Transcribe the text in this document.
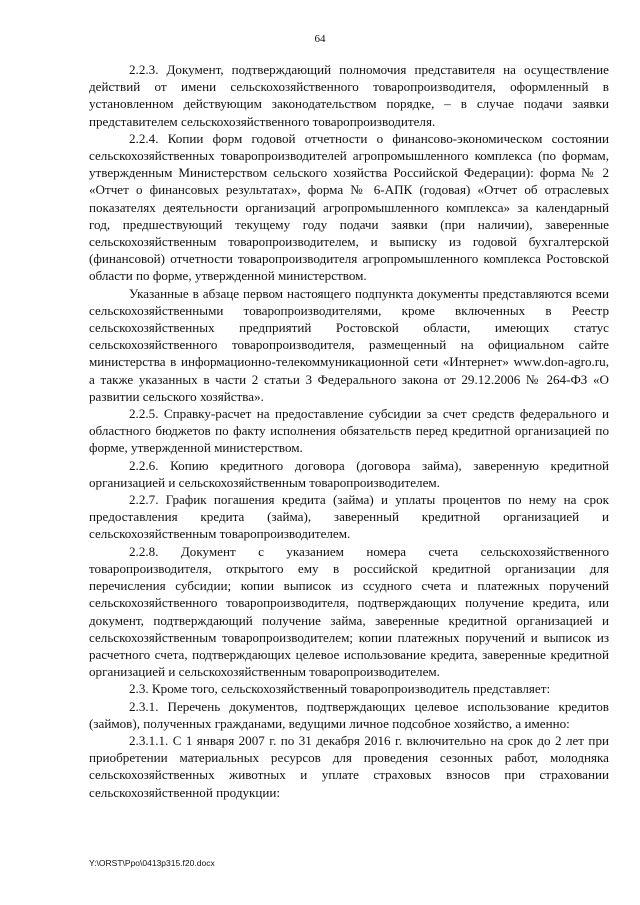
64

2.2.3. Документ, подтверждающий полномочия представителя на осуществление действий от имени сельскохозяйственного товаропроизводителя, оформленный в установленном действующим законодательством порядке, – в случае подачи заявки представителем сельскохозяйственного товаропроизводителя.

2.2.4. Копии форм годовой отчетности о финансово-экономическом состоянии сельскохозяйственных товаропроизводителей агропромышленного комплекса (по формам, утвержденным Министерством сельского хозяйства Российской Федерации): форма № 2 «Отчет о финансовых результатах», форма № 6-АПК (годовая) «Отчет об отраслевых показателях деятельности организаций агропромышленного комплекса» за календарный год, предшествующий текущему году подачи заявки (при наличии), заверенные сельскохозяйственным товаропроизводителем, и выписку из годовой бухгалтерской (финансовой) отчетности товаропроизводителя агропромышленного комплекса Ростовской области по форме, утвержденной министерством.

Указанные в абзаце первом настоящего подпункта документы представляются всеми сельскохозяйственными товаропроизводителями, кроме включенных в Реестр сельскохозяйственных предприятий Ростовской области, имеющих статус сельскохозяйственного товаропроизводителя, размещенный на официальном сайте министерства в информационно-телекоммуникационной сети «Интернет» www.don-agro.ru, а также указанных в части 2 статьи 3 Федерального закона от 29.12.2006 № 264-ФЗ «О развитии сельского хозяйства».

2.2.5. Справку-расчет на предоставление субсидии за счет средств федерального и областного бюджетов по факту исполнения обязательств перед кредитной организацией по форме, утвержденной министерством.

2.2.6. Копию кредитного договора (договора займа), заверенную кредитной организацией и сельскохозяйственным товаропроизводителем.

2.2.7. График погашения кредита (займа) и уплаты процентов по нему на срок предоставления кредита (займа), заверенный кредитной организацией и сельскохозяйственным товаропроизводителем.

2.2.8. Документ с указанием номера счета сельскохозяйственного товаропроизводителя, открытого ему в российской кредитной организации для перечисления субсидии; копии выписок из ссудного счета и платежных поручений сельскохозяйственного товаропроизводителя, подтверждающих получение кредита, или документ, подтверждающий получение займа, заверенные кредитной организацией и сельскохозяйственным товаропроизводителем; копии платежных поручений и выписок из расчетного счета, подтверждающих целевое использование кредита, заверенные кредитной организацией и сельскохозяйственным товаропроизводителем.

2.3. Кроме того, сельскохозяйственный товаропроизводитель представляет:

2.3.1. Перечень документов, подтверждающих целевое использование кредитов (займов), полученных гражданами, ведущими личное подсобное хозяйство, а именно:

2.3.1.1. С 1 января 2007 г. по 31 декабря 2016 г. включительно на срок до 2 лет при приобретении материальных ресурсов для проведения сезонных работ, молодняка сельскохозяйственных животных и уплате страховых взносов при страховании сельскохозяйственной продукции:

Y:\ORST\Ppo\0413p315.f20.docx
